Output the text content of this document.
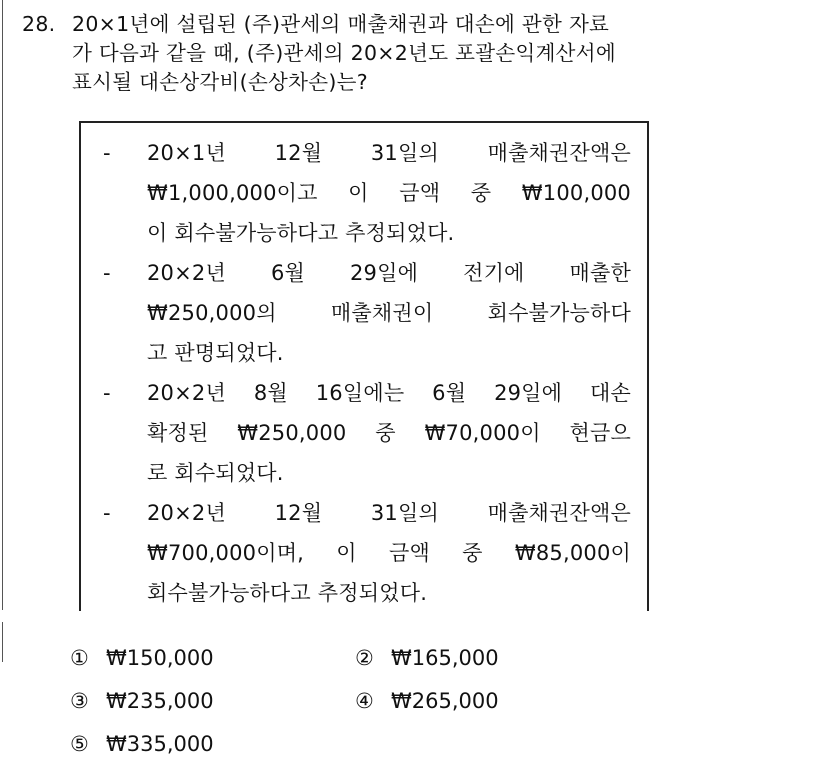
28. 20×1년에 설립된 (주)관세의 매출채권과 대손에 관한 자료
가 다음과 같을 때, (주)관세의 20×2년도 포괄손익계산서에
표시될 대손상각비(손상차손)는?
-	20×1년 12월 31일의 매출채권잔액은
₩1,000,000이고 이 금액 중 ₩100,000
이 회수불가능하다고 추정되었다.
-	20×2년 6월 29일에 전기에 매출한
₩250,000의 매출채권이 회수불가능하다
고 판명되었다.
-	20×2년 8월 16일에는 6월 29일에 대손
확정된 ₩250,000 중 ₩70,000이 현금으
로 회수되었다.
-	20×2년 12월 31일의 매출채권잔액은
₩700,000이며, 이 금액 중 ₩85,000이
회수불가능하다고 추정되었다.
① ₩150,000	② ₩165,000
③ ₩235,000	④ ₩265,000
⑤ ₩335,000
